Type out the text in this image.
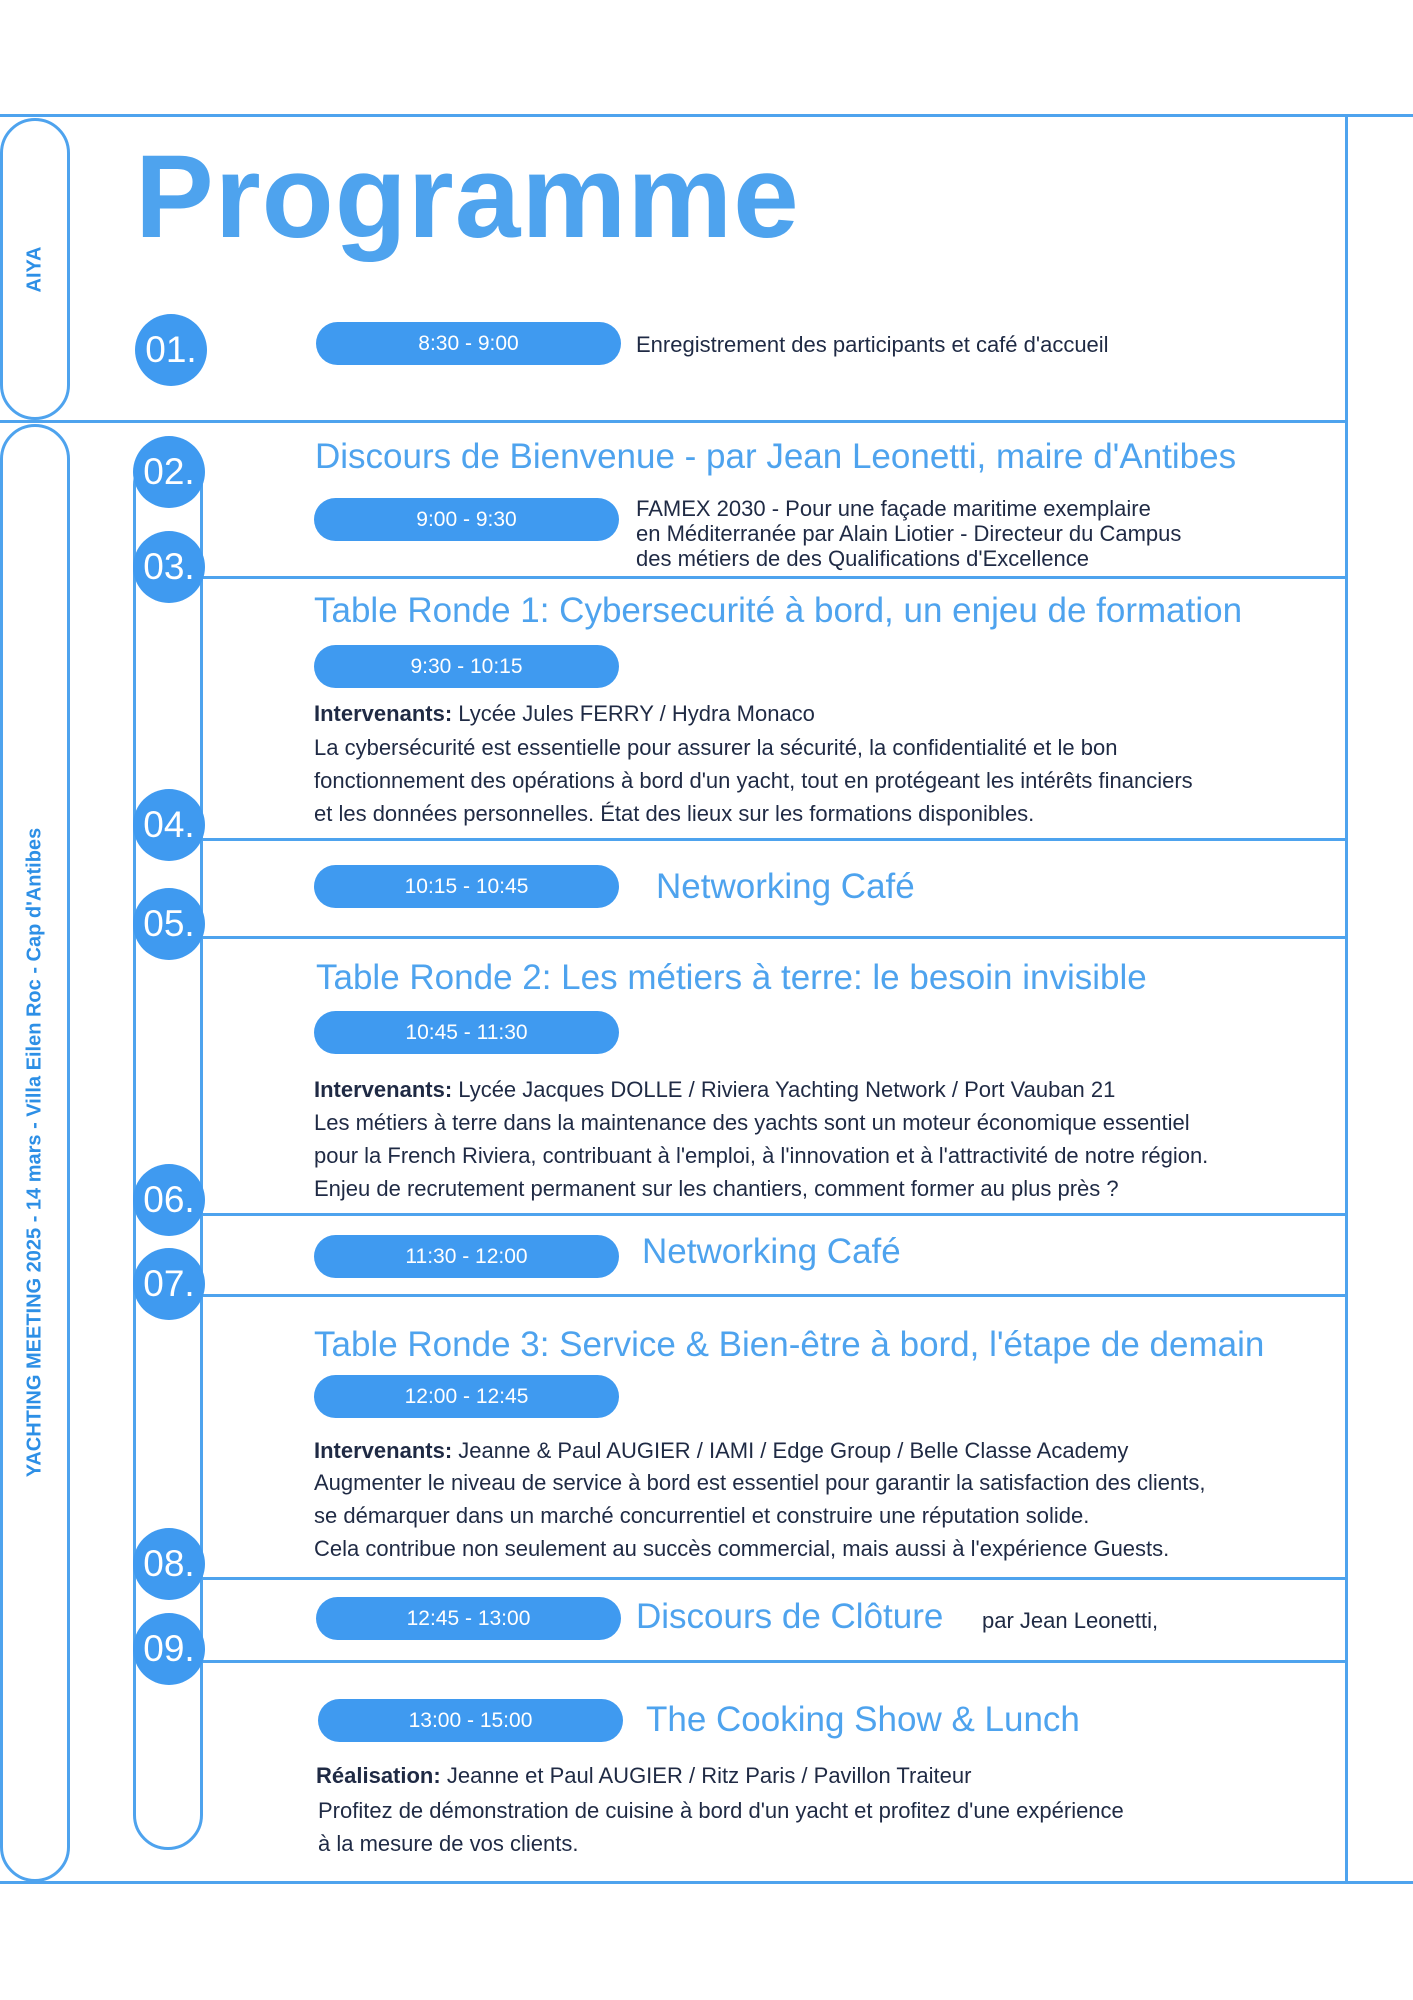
AIYA
YACHTING MEETING 2025 - 14 mars - Villa Eilen Roc - Cap d'Antibes
Programme
01.
02.
03.
04.
05.
06.
07.
08.
09.
8:30 - 9:00	Enregistrement des participants et café d'accueil
Discours de Bienvenue - par Jean Leonetti, maire d'Antibes
9:00 - 9:30	FAMEX 2030 - Pour une façade maritime exemplaire
en Méditerranée par Alain Liotier - Directeur du Campus
des métiers de des Qualifications d'Excellence
Table Ronde 1: Cybersecurité à bord, un enjeu de formation
9:30 - 10:15
Intervenants: Lycée Jules FERRY / Hydra Monaco
La cybersécurité est essentielle pour assurer la sécurité, la confidentialité et le bon
fonctionnement des opérations à bord d'un yacht, tout en protégeant les intérêts financiers
et les données personnelles. État des lieux sur les formations disponibles.
10:15 - 10:45	Networking Café
Table Ronde 2: Les métiers à terre: le besoin invisible
10:45 - 11:30
Intervenants: Lycée Jacques DOLLE / Riviera Yachting Network / Port Vauban 21
Les métiers à terre dans la maintenance des yachts sont un moteur économique essentiel
pour la French Riviera, contribuant à l'emploi, à l'innovation et à l'attractivité de notre région.
Enjeu de recrutement permanent sur les chantiers, comment former au plus près ?
11:30 - 12:00	Networking Café
Table Ronde 3: Service & Bien-être à bord, l'étape de demain
12:00 - 12:45
Intervenants: Jeanne & Paul AUGIER / IAMI / Edge Group / Belle Classe Academy
Augmenter le niveau de service à bord est essentiel pour garantir la satisfaction des clients,
se démarquer dans un marché concurrentiel et construire une réputation solide.
Cela contribue non seulement au succès commercial, mais aussi à l'expérience Guests.
12:45 - 13:00	Discours de Clôture par Jean Leonetti,
13:00 - 15:00	The Cooking Show & Lunch
Réalisation: Jeanne et Paul AUGIER / Ritz Paris / Pavillon Traiteur
Profitez de démonstration de cuisine à bord d'un yacht et profitez d'une expérience
à la mesure de vos clients.
